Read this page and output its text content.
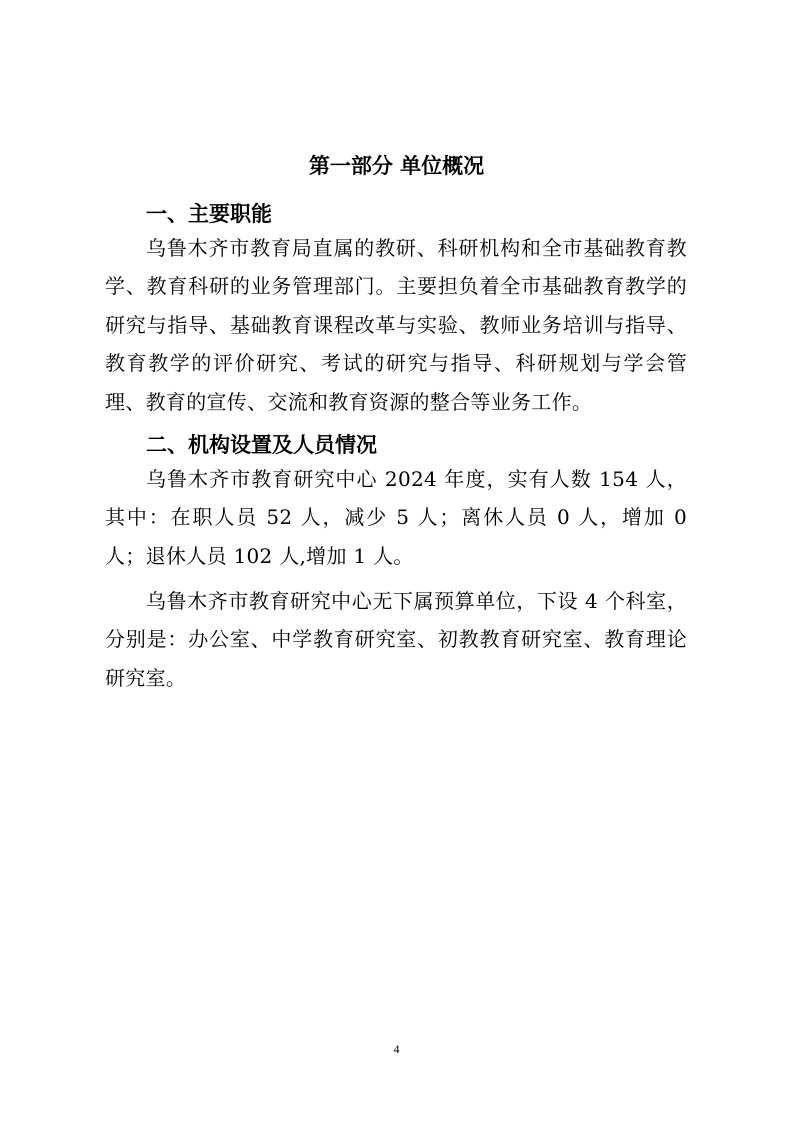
第一部分 单位概况
一、主要职能
乌鲁木齐市教育局直属的教研、科研机构和全市基础教育教学、教育科研的业务管理部门。主要担负着全市基础教育教学的研究与指导、基础教育课程改革与实验、教师业务培训与指导、教育教学的评价研究、考试的研究与指导、科研规划与学会管理、教育的宣传、交流和教育资源的整合等业务工作。
二、机构设置及人员情况
乌鲁木齐市教育研究中心 2024 年度，实有人数 154 人，其中：在职人员 52 人，减少 5 人；离休人员 0 人，增加 0 人；退休人员 102 人,增加 1 人。
乌鲁木齐市教育研究中心无下属预算单位，下设 4 个科室，分别是：办公室、中学教育研究室、初教教育研究室、教育理论研究室。
4
